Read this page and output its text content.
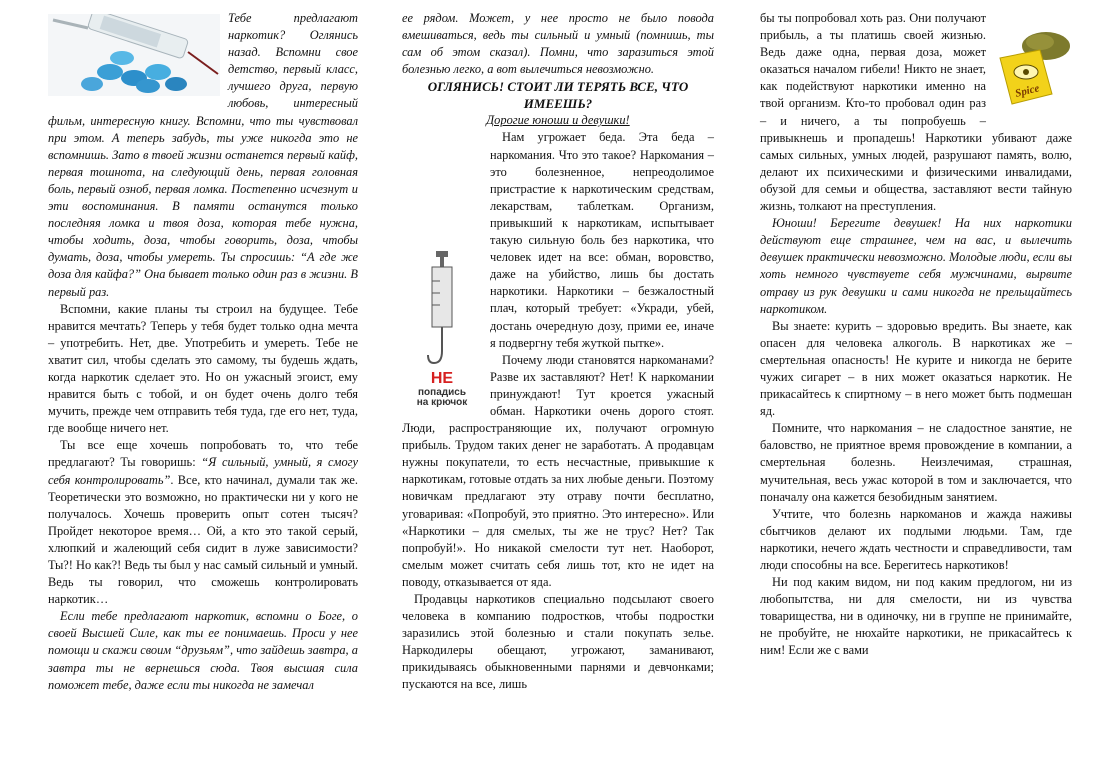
Тебе предлагают наркотик? Оглянись назад. Вспомни свое детство, первый класс, лучшего друга, первую любовь, интересный фильм, интересную книгу. Вспомни, что ты чувствовал при этом. А теперь забудь, ты уже никогда это не вспомнишь. Зато в твоей жизни останется первый кайф, первая тошнота, на следующий день, первая головная боль, первый озноб, первая ломка. Постепенно исчезнут и эти воспоминания. В памяти останутся только последняя ломка и твоя доза, которая тебе нужна, чтобы ходить, доза, чтобы говорить, доза, чтобы думать, доза, чтобы умереть. Ты спросишь: “А где же доза для кайфа?” Она бывает только один раз в жизни. В первый раз.

Вспомни, какие планы ты строил на будущее. Тебе нравится мечтать? Теперь у тебя будет только одна мечта – употребить. Нет, две. Употребить и умереть. Тебе не хватит сил, чтобы сделать это самому, ты будешь ждать, когда наркотик сделает это. Но он ужасный эгоист, ему нравится быть с тобой, и он будет очень долго тебя мучить, прежде чем отправить тебя туда, где его нет, туда, где вообще ничего нет.

Ты все еще хочешь попробовать то, что тебе предлагают? Ты говоришь: “Я сильный, умный, я смогу себя контролировать”. Все, кто начинал, думали так же. Теоретически это возможно, но практически ни у кого не получалось. Хочешь проверить опыт сотен тысяч? Пройдет некоторое время… Ой, а кто это такой серый, хлюпкий и жалеющий себя сидит в луже зависимости? Ты?! Но как?! Ведь ты был у нас самый сильный и умный. Ведь ты говорил, что сможешь контролировать наркотик…

Если тебе предлагают наркотик, вспомни о Боге, о своей Высшей Силе, как ты ее понимаешь. Проси у нее помощи и скажи своим “друзьям”, что зайдешь завтра, а завтра ты не вернешься сюда. Твоя высшая сила поможет тебе, даже если ты никогда не замечал

ее рядом. Может, у нее просто не было повода вмешиваться, ведь ты сильный и умный (помнишь, ты сам об этом сказал). Помни, что заразиться этой болезнью легко, а вот вылечиться невозможно.

ОГЛЯНИСЬ! СТОИТ ЛИ ТЕРЯТЬ ВСЕ, ЧТО ИМЕЕШЬ?

Дорогие юноши и девушки!

НЕ
попадись
на крючок
Нам угрожает беда. Эта беда – наркомания. Что это такое? Наркомания – это болезненное, непреодолимое пристрастие к наркотическим средствам, лекарствам, таблеткам. Организм, привыкший к наркотикам, испытывает такую сильную боль без наркотика, что человек идет на все: обман, воровство, даже на убийство, лишь бы достать наркотики. Наркотики – безжалостный плач, который требует: «Укради, убей, достань очередную дозу, прими ее, иначе я подвергну тебя жуткой пытке».

Почему люди становятся наркоманами? Разве их заставляют? Нет! К наркомании принуждают! Тут кроется ужасный обман. Наркотики очень дорого стоят. Люди, распространяющие их, получают огромную прибыль. Трудом таких денег не заработать. А продавцам нужны покупатели, то есть несчастные, привыкшие к наркотикам, готовые отдать за них любые деньги. Поэтому новичкам предлагают эту отраву почти бесплатно, уговаривая: «Попробуй, это приятно. Это интересно». Или «Наркотики – для смелых, ты же не трус? Нет? Так попробуй!». Но никакой смелости тут нет. Наоборот, смелым может считать себя лишь тот, кто не идет на поводу, отказывается от яда.

Продавцы наркотиков специально подсылают своего человека в компанию подростков, чтобы подростки заразились этой болезнью и стали покупать зелье. Наркодилеры обещают, угрожают, заманивают, прикидываясь обыкновенными парнями и девчонками; пускаются на все, лишь

Spice

бы ты попробовал хоть раз. Они получают прибыль, а ты платишь своей жизнью. Ведь даже одна, первая доза, может оказаться началом гибели! Никто не знает, как подействуют наркотики именно на твой организм. Кто-то пробовал один раз – и ничего, а ты попробуешь – привыкнешь и пропадешь! Наркотики убивают даже самых сильных, умных людей, разрушают память, волю, делают их психическими и физическими инвалидами, обузой для семьи и общества, заставляют вести тайную жизнь, толкают на преступления.

Юноши! Берегите девушек! На них наркотики действуют еще страшнее, чем на вас, и вылечить девушек практически невозможно. Молодые люди, если вы хоть немного чувствуете себя мужчинами, вырвите отраву из рук девушки и сами никогда не прельщайтесь наркотиком.

Вы знаете: курить – здоровью вредить. Вы знаете, как опасен для человека алкоголь. В наркотиках же – смертельная опасность! Не курите и никогда не берите чужих сигарет – в них может оказаться наркотик. Не прикасайтесь к спиртному – в него может быть подмешан яд.

Помните, что наркомания – не сладостное занятие, не баловство, не приятное время провождение в компании, а смертельная болезнь. Неизлечимая, страшная, мучительная, весь ужас которой в том и заключается, что поначалу она кажется безобидным занятием.

Учтите, что болезнь наркоманов и жажда наживы сбытчиков делают их подлыми людьми. Там, где наркотики, нечего ждать честности и справедливости, там люди способны на все. Берегитесь наркотиков!

Ни под каким видом, ни под каким предлогом, ни из любопытства, ни для смелости, ни из чувства товарищества, ни в одиночку, ни в группе не принимайте, не пробуйте, не нюхайте наркотики, не прикасайтесь к ним! Если же с вами
